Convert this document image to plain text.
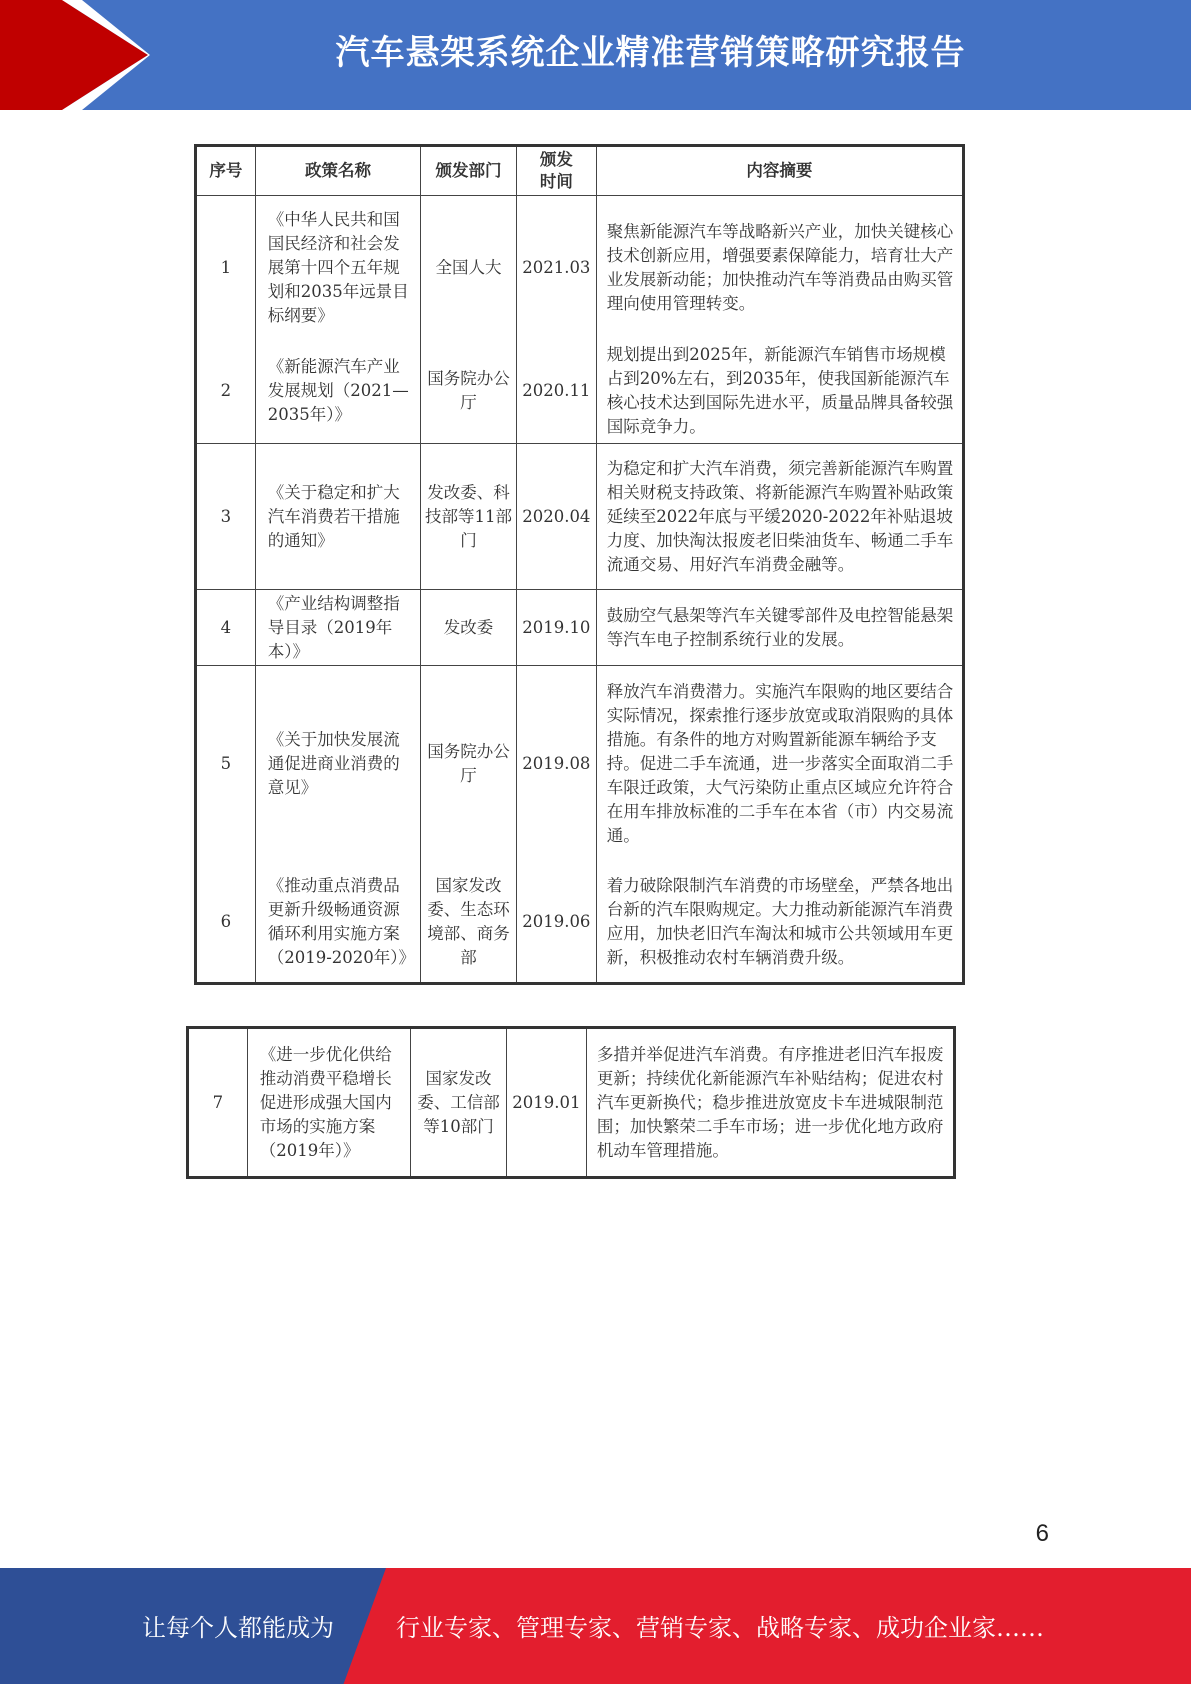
汽车悬架系统企业精准营销策略研究报告
序号	政策名称	颁发部门	颁发时间	内容摘要
1	《中华人民共和国国民经济和社会发展第十四个五年规划和2035年远景目标纲要》	全国人大	2021.03	聚焦新能源汽车等战略新兴产业，加快关键核心技术创新应用，增强要素保障能力，培育壮大产业发展新动能；加快推动汽车等消费品由购买管理向使用管理转变。
2	《新能源汽车产业发展规划（2021—2035年）》	国务院办公厅	2020.11	规划提出到2025年，新能源汽车销售市场规模占到20%左右，到2035年，使我国新能源汽车核心技术达到国际先进水平，质量品牌具备较强国际竞争力。
3	《关于稳定和扩大汽车消费若干措施的通知》	发改委、科技部等11部门	2020.04	为稳定和扩大汽车消费，须完善新能源汽车购置相关财税支持政策、将新能源汽车购置补贴政策延续至2022年底与平缓2020-2022年补贴退坡力度、加快淘汰报废老旧柴油货车、畅通二手车流通交易、用好汽车消费金融等。
4	《产业结构调整指导目录（2019年本）》	发改委	2019.10	鼓励空气悬架等汽车关键零部件及电控智能悬架等汽车电子控制系统行业的发展。
5	《关于加快发展流通促进商业消费的意见》	国务院办公厅	2019.08	释放汽车消费潜力。实施汽车限购的地区要结合实际情况，探索推行逐步放宽或取消限购的具体措施。有条件的地方对购置新能源车辆给予支持。促进二手车流通，进一步落实全面取消二手车限迁政策，大气污染防止重点区域应允许符合在用车排放标准的二手车在本省（市）内交易流通。
6	《推动重点消费品更新升级畅通资源循环利用实施方案（2019-2020年）》	国家发改委、生态环境部、商务部	2019.06	着力破除限制汽车消费的市场壁垒，严禁各地出台新的汽车限购规定。大力推动新能源汽车消费应用，加快老旧汽车淘汰和城市公共领域用车更新，积极推动农村车辆消费升级。
7	《进一步优化供给推动消费平稳增长促进形成强大国内市场的实施方案（2019年）》	国家发改委、工信部等10部门	2019.01	多措并举促进汽车消费。有序推进老旧汽车报废更新；持续优化新能源汽车补贴结构；促进农村汽车更新换代；稳步推进放宽皮卡车进城限制范围；加快繁荣二手车市场；进一步优化地方政府机动车管理措施。
6
让每个人都能成为	行业专家、管理专家、营销专家、战略专家、成功企业家……
